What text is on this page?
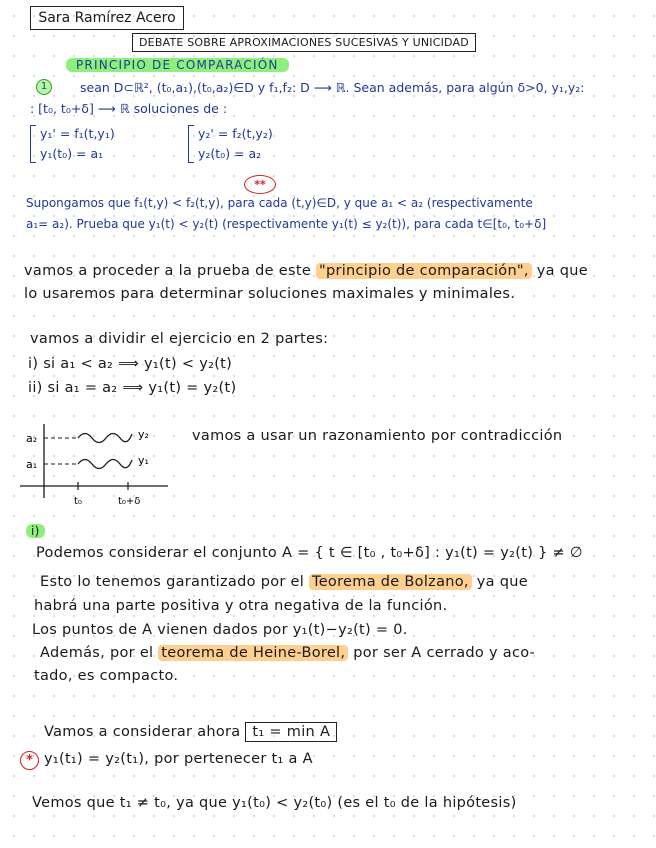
Sara Ramírez Acero
DEBATE SOBRE APROXIMACIONES SUCESIVAS Y UNICIDAD
PRINCIPIO DE COMPARACIÓN
1	sean D⊂ℝ², (t₀,a₁),(t₀,a₂)∈D y f₁,f₂: D ⟶ ℝ. Sean además, para algún δ>0, y₁,y₂:
: [t₀, t₀+δ] ⟶ ℝ soluciones de :
y₁' = f₁(t,y₁)
y₁(t₀) = a₁
y₂' = f₂(t,y₂)
y₂(t₀) = a₂
**
Supongamos que f₁(t,y) < f₂(t,y), para cada (t,y)∈D, y que a₁ < a₂ (respectivamente
a₁= a₂). Prueba que y₁(t) < y₂(t) (respectivamente y₁(t) ≤ y₂(t)), para cada t∈[t₀, t₀+δ]
vamos a proceder a la prueba de este "principio de comparación", ya que
lo usaremos para determinar soluciones maximales y minimales.
vamos a dividir el ejercicio en 2 partes:
i) si a₁ < a₂ ⟹ y₁(t) < y₂(t)
ii) si a₁ = a₂ ⟹ y₁(t) = y₂(t)
a₂
a₁
y₂
y₁
t₀	t₀+δ
vamos a usar un razonamiento por contradicción
i)
Podemos considerar el conjunto A = { t ∈ [t₀ , t₀+δ] : y₁(t) = y₂(t) } ≠ ∅
Esto lo tenemos garantizado por el Teorema de Bolzano, ya que
habrá una parte positiva y otra negativa de la función.
Los puntos de A vienen dados por y₁(t)−y₂(t) = 0.
Además, por el teorema de Heine-Borel, por ser A cerrado y aco-
tado, es compacto.
Vamos a considerar ahora t₁ = min A
* y₁(t₁) = y₂(t₁), por pertenecer t₁ a A
Vemos que t₁ ≠ t₀, ya que y₁(t₀) < y₂(t₀) (es el t₀ de la hipótesis)
